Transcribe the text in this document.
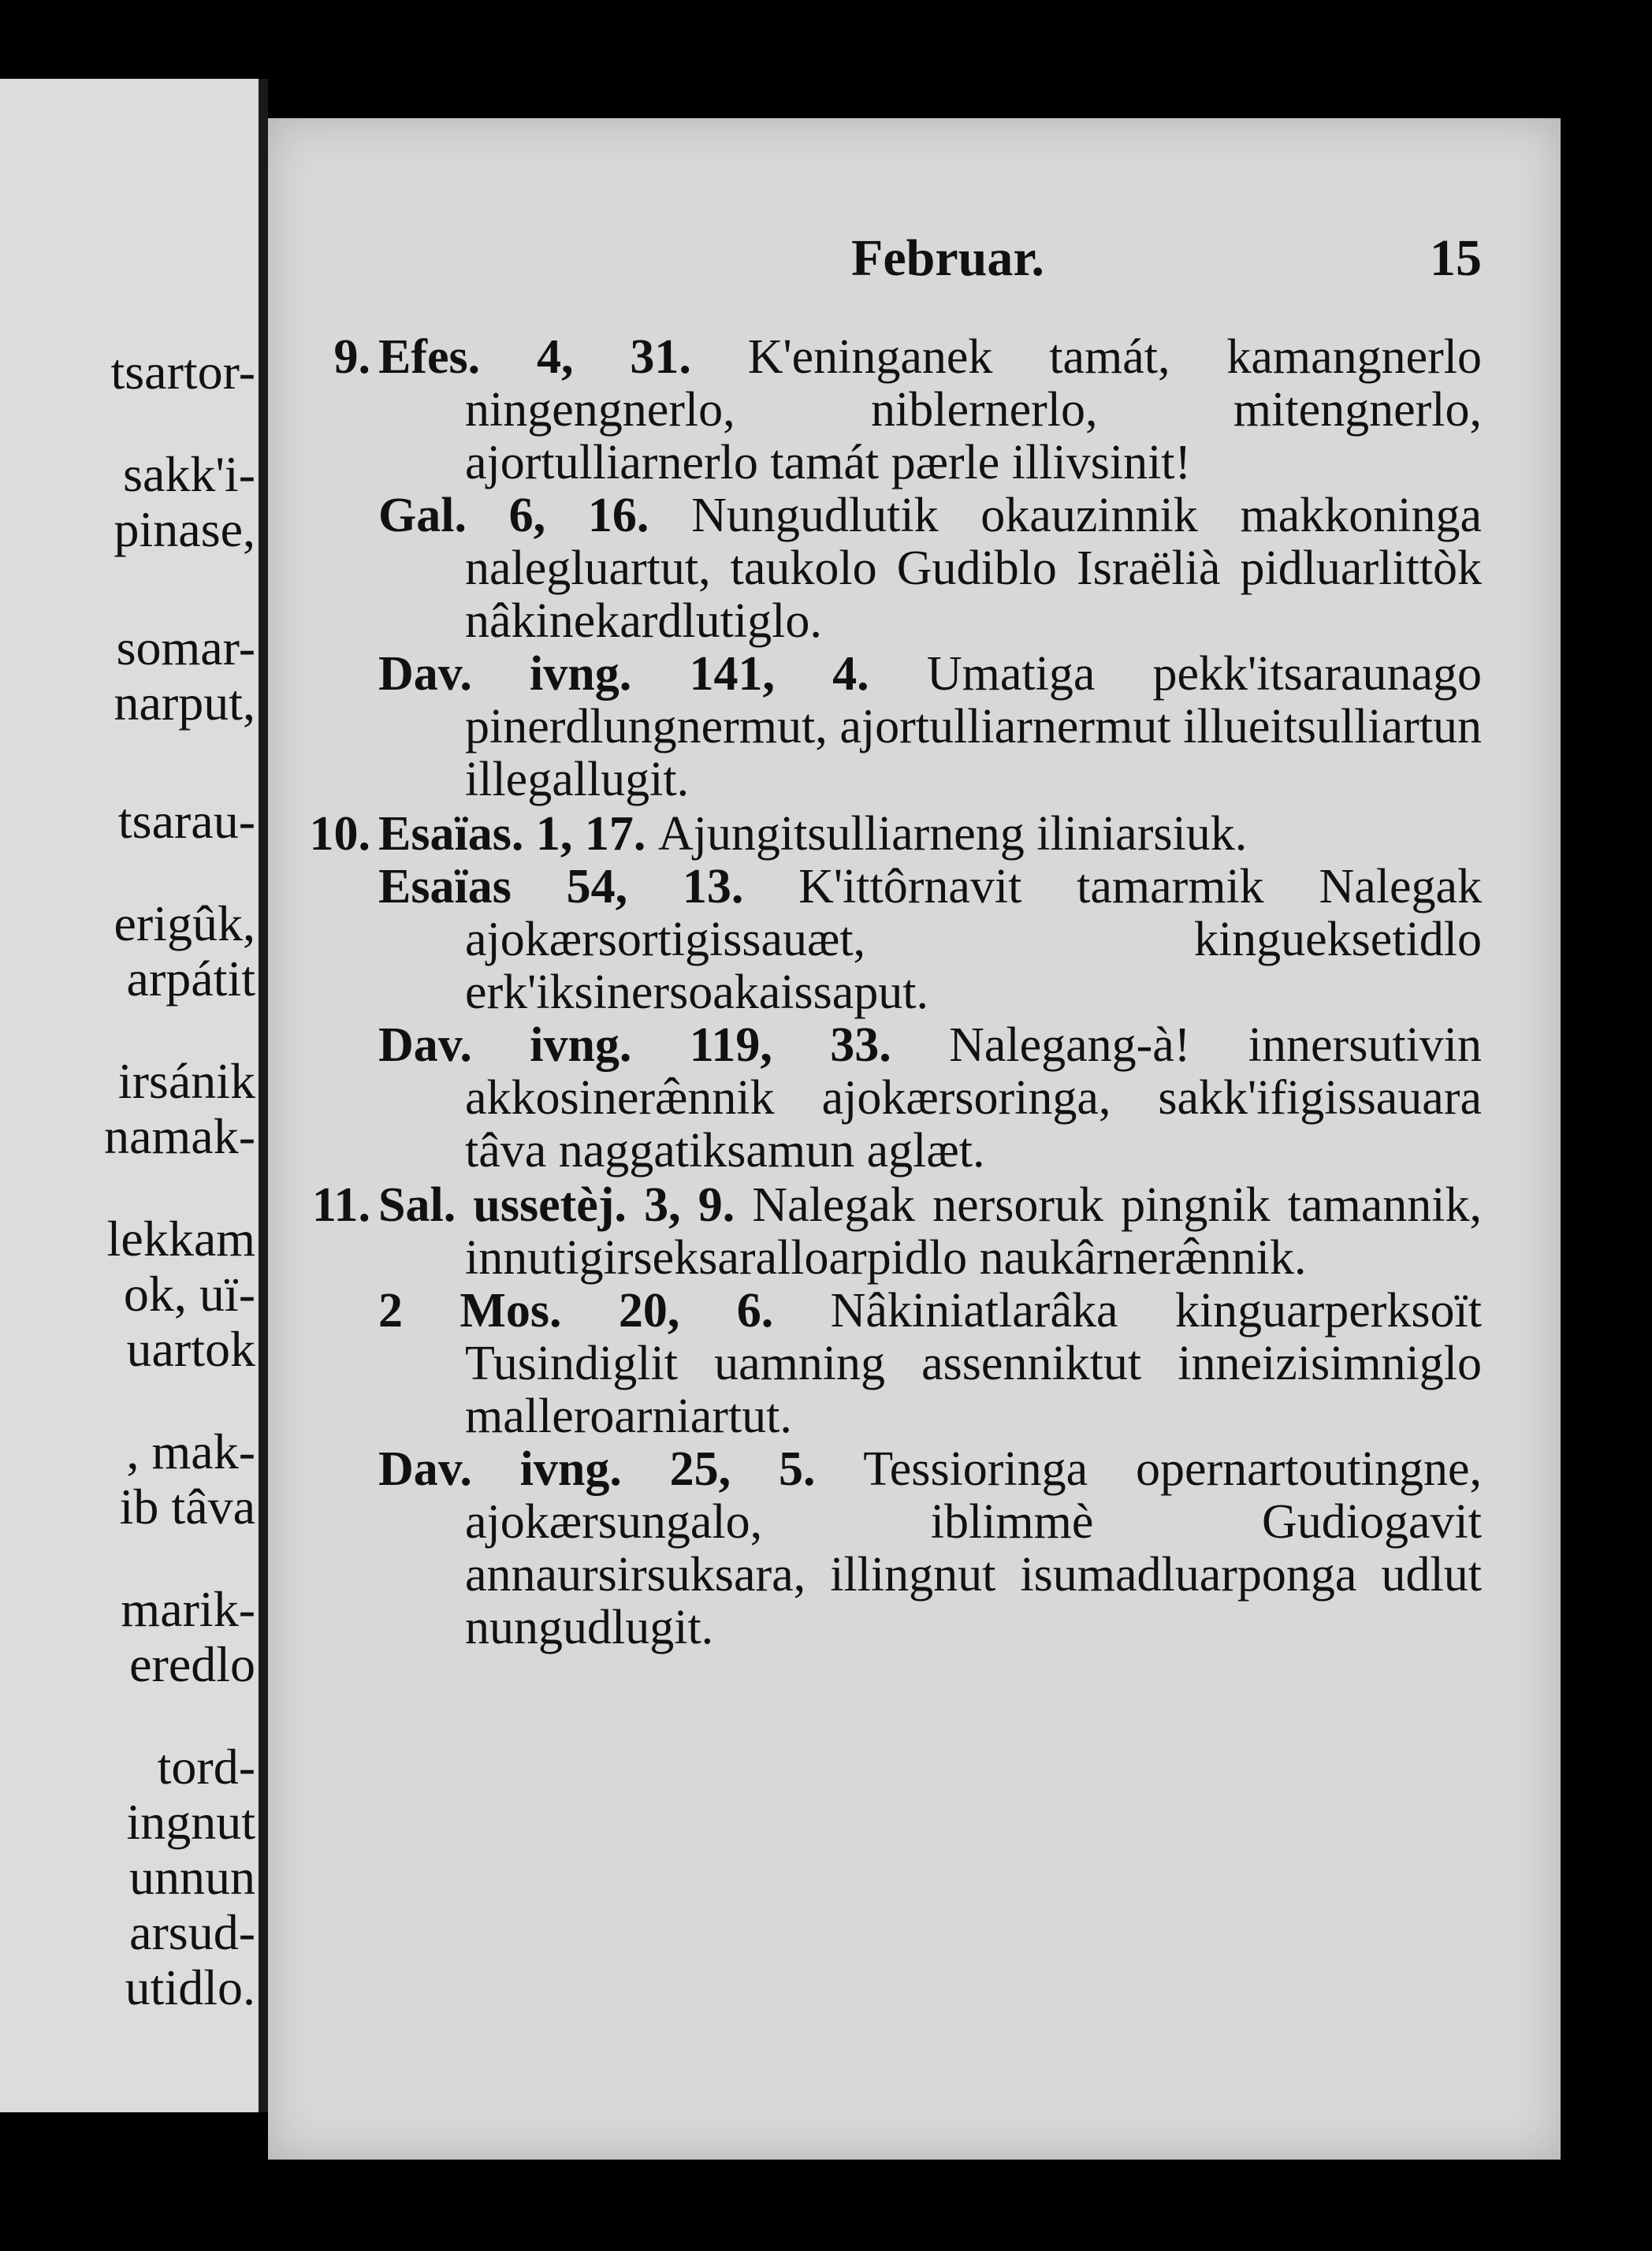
tsartor-
sakk'i-
pinase,
somar-
narput,
tsarau-
erigûk,
arpátit
irsánik
namak-
lekkam
ok, uï-
uartok
, mak-
ib tâva
marik-
eredlo
tord-
ingnut
unnun
arsud-
utidlo.
Februar.	15
9. Efes. 4, 31. K'eninganek tamát, kamangnerlo ningengnerlo, niblernerlo, mitengnerlo, ajortulliarnerlo tamát pærle illivsinit!
Gal. 6, 16. Nungudlutik okauzinnik makkoninga nalegluartut, taukolo Gudiblo Israëlià pidluarlittòk nâkinekardlutiglo.
Dav. ivng. 141, 4. Umatiga pekk'itsaraunago pinerdlungnermut, ajortulliarnermut illueitsulliartun illegallugit.
10. Esaïas. 1, 17. Ajungitsulliarneng iliniarsiuk.
Esaïas 54, 13. K'ittôrnavit tamarmik Nalegak ajokærsortigissauæt, kingueksetidlo erk'iksinersoakaissaput.
Dav. ivng. 119, 33. Nalegang-à! innersutivin akkosineræ̂nnik ajokærsoringa, sakk'ifigissauara tâva naggatiksamun aglæt.
11. Sal. ussetèj. 3, 9. Nalegak nersoruk pingnik tamannik, innutigirseksaralloarpidlo naukârneræ̂nnik.
2 Mos. 20, 6. Nâkiniatlarâka kinguarperksoït Tusindiglit uamning assenniktut inneizisimniglo malleroarniartut.
Dav. ivng. 25, 5. Tessioringa opernartoutingne, ajokærsungalo, iblimmè Gudiogavit annaursirsuksara, illingnut isumadluarponga udlut nungudlugit.
